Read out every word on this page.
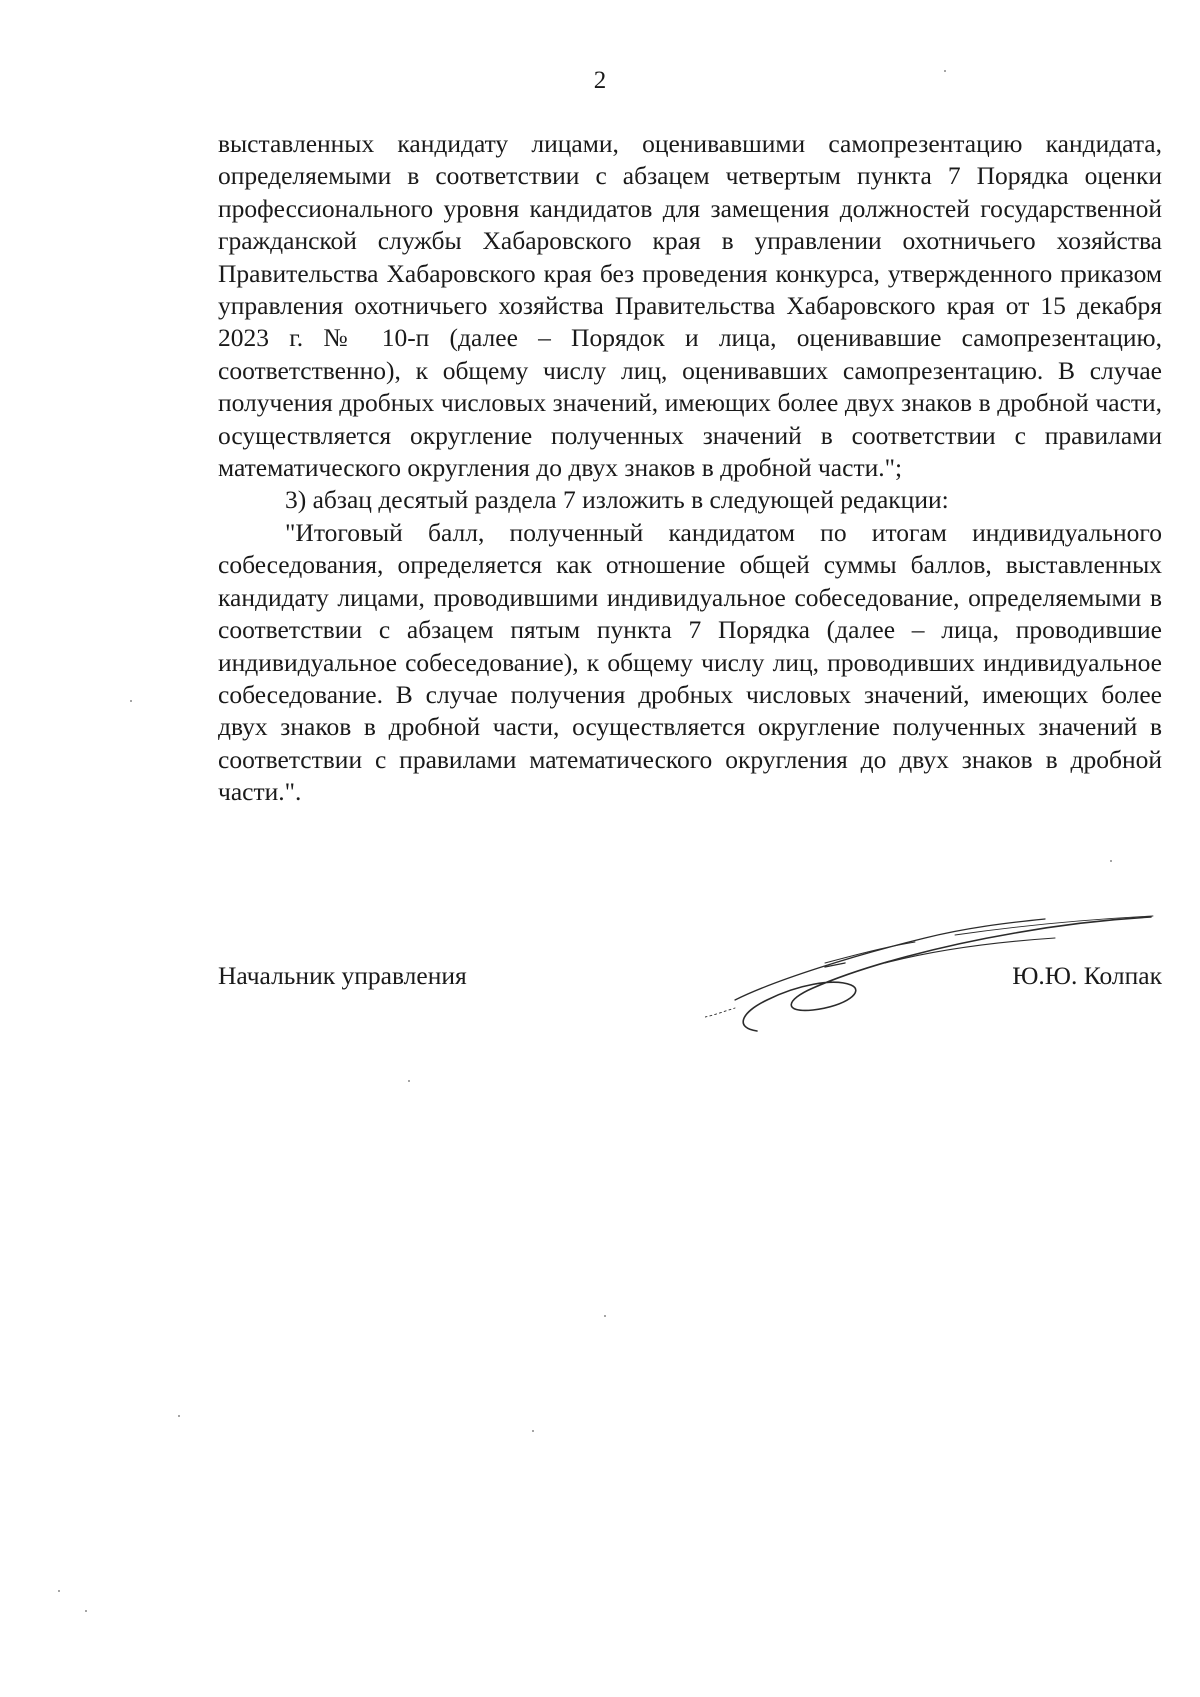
2

выставленных кандидату лицами, оценивавшими самопрезентацию кандидата, определяемыми в соответствии с абзацем четвертым пункта 7 Порядка оценки профессионального уровня кандидатов для замещения должностей государственной гражданской службы Хабаровского края в управлении охотничьего хозяйства Правительства Хабаровского края без проведения конкурса, утвержденного приказом управления охотничьего хозяйства Правительства Хабаровского края от 15 декабря 2023 г. № 10-п (далее – Порядок и лица, оценивавшие самопрезентацию, соответственно), к общему числу лиц, оценивавших самопрезентацию. В случае получения дробных числовых значений, имеющих более двух знаков в дробной части, осуществляется округление полученных значений в соответствии с правилами математического округления до двух знаков в дробной части.";

3) абзац десятый раздела 7 изложить в следующей редакции:

"Итоговый балл, полученный кандидатом по итогам индивидуального собеседования, определяется как отношение общей суммы баллов, выставленных кандидату лицами, проводившими индивидуальное собеседование, определяемыми в соответствии с абзацем пятым пункта 7 Порядка (далее – лица, проводившие индивидуальное собеседование), к общему числу лиц, проводивших индивидуальное собеседование. В случае получения дробных числовых значений, имеющих более двух знаков в дробной части, осуществляется округление полученных значений в соответствии с правилами математического округления до двух знаков в дробной части.".

Начальник управления	Ю.Ю. Колпак
